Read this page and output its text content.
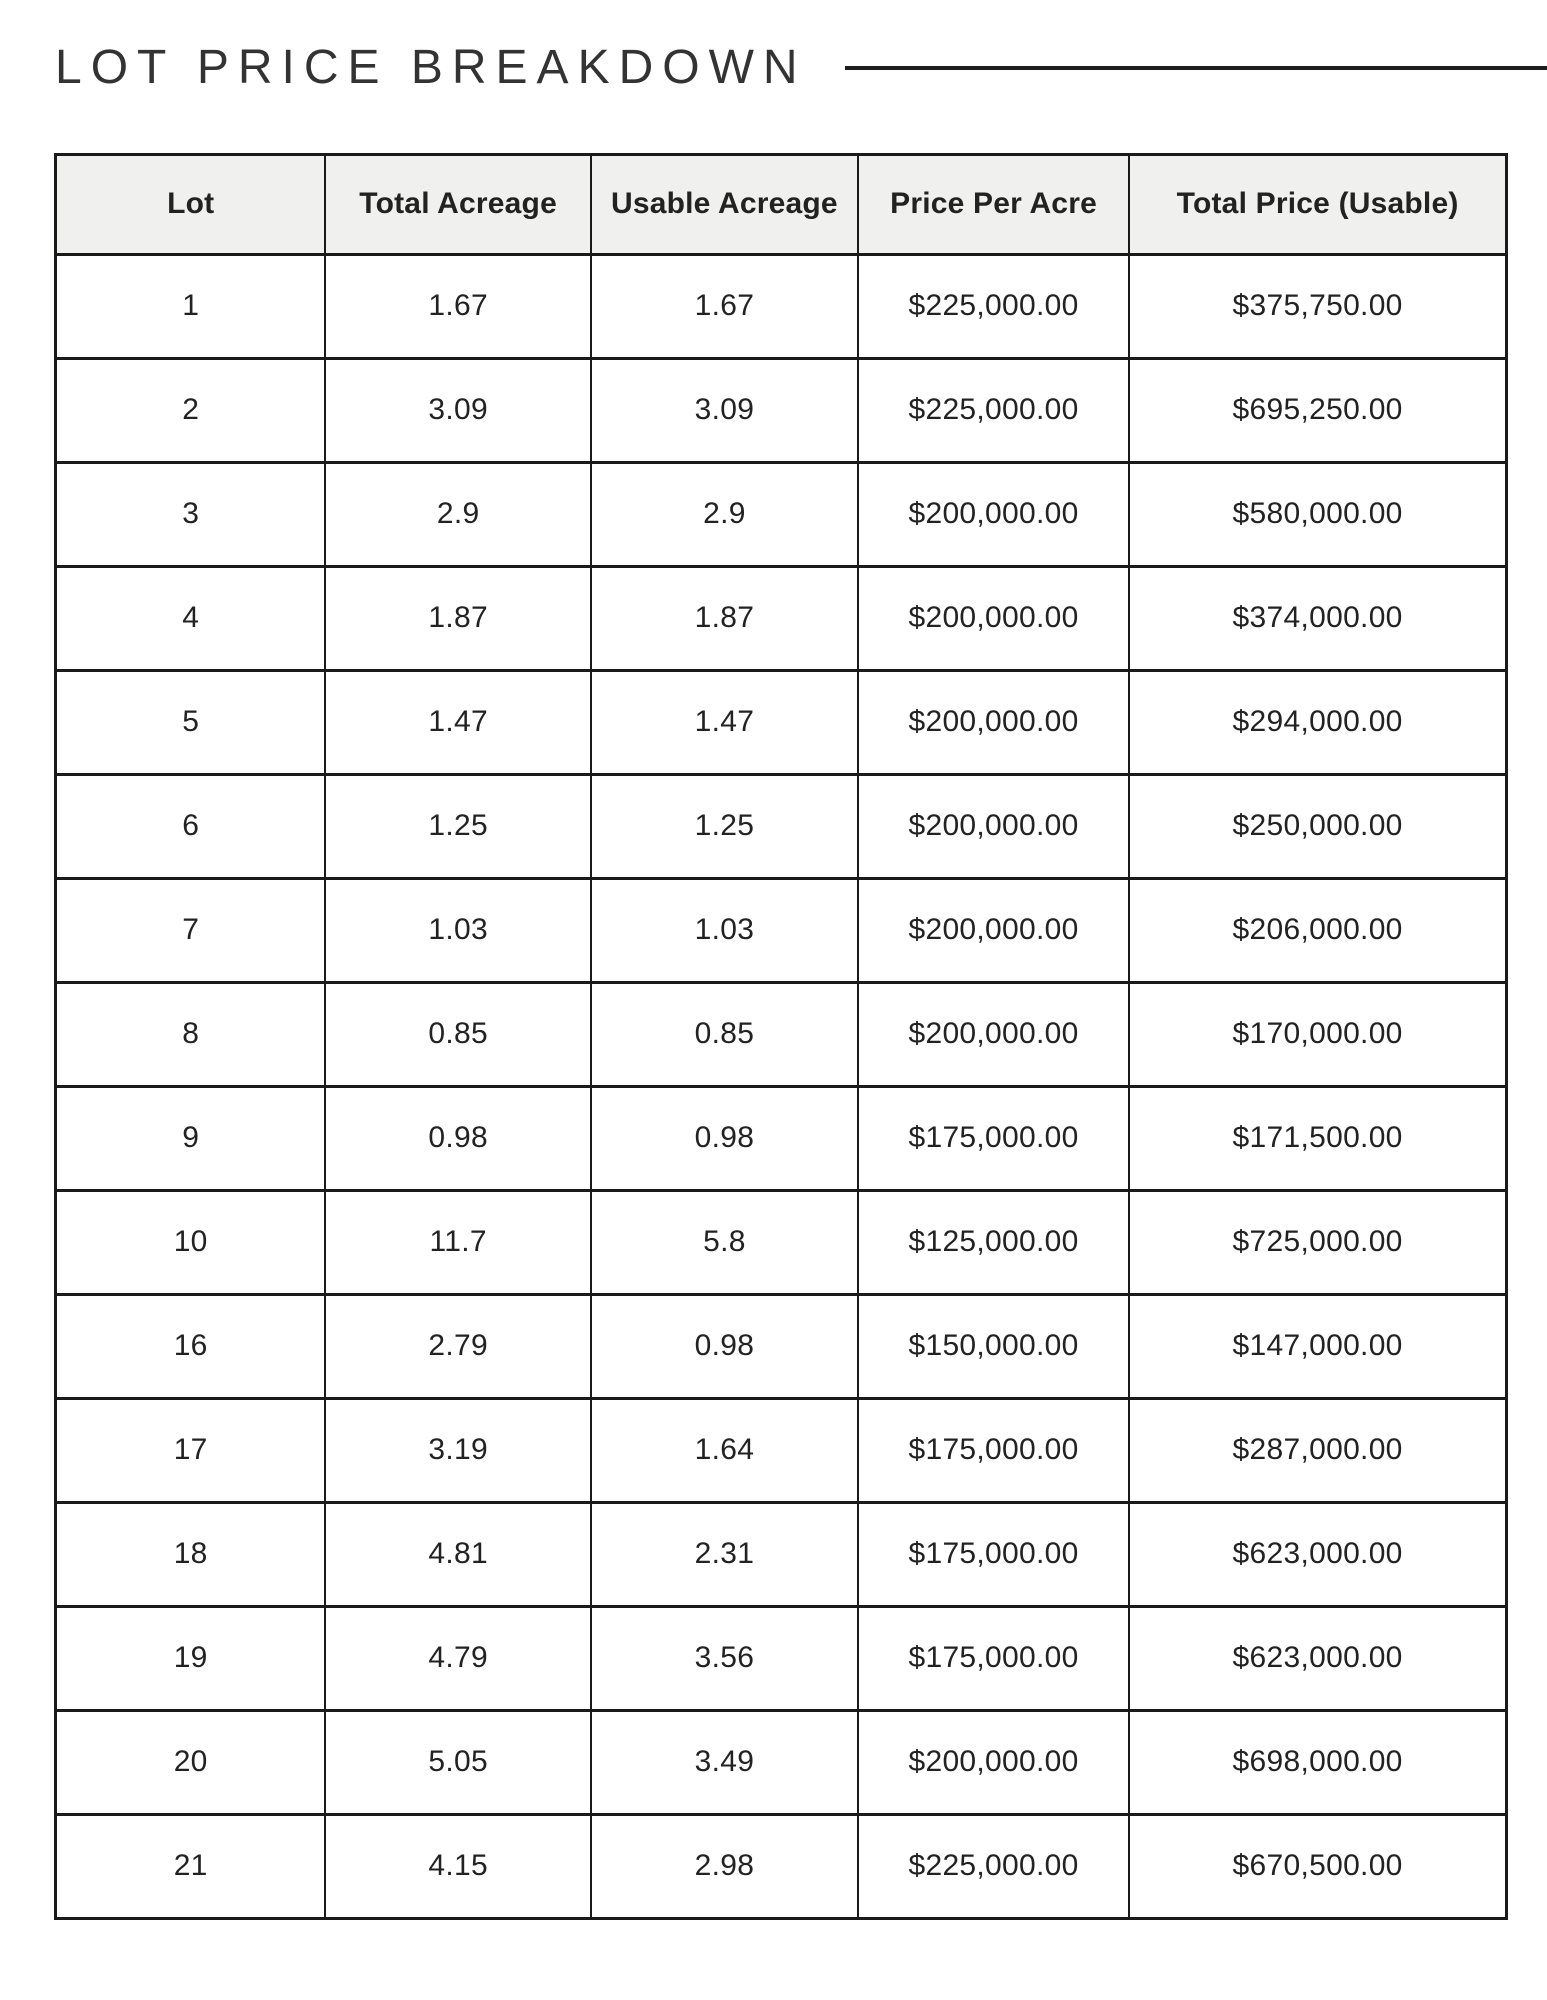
LOT PRICE BREAKDOWN
Lot	Total Acreage	Usable Acreage	Price Per Acre	Total Price (Usable)
1	1.67	1.67	$225,000.00	$375,750.00
2	3.09	3.09	$225,000.00	$695,250.00
3	2.9	2.9	$200,000.00	$580,000.00
4	1.87	1.87	$200,000.00	$374,000.00
5	1.47	1.47	$200,000.00	$294,000.00
6	1.25	1.25	$200,000.00	$250,000.00
7	1.03	1.03	$200,000.00	$206,000.00
8	0.85	0.85	$200,000.00	$170,000.00
9	0.98	0.98	$175,000.00	$171,500.00
10	11.7	5.8	$125,000.00	$725,000.00
16	2.79	0.98	$150,000.00	$147,000.00
17	3.19	1.64	$175,000.00	$287,000.00
18	4.81	2.31	$175,000.00	$623,000.00
19	4.79	3.56	$175,000.00	$623,000.00
20	5.05	3.49	$200,000.00	$698,000.00
21	4.15	2.98	$225,000.00	$670,500.00
